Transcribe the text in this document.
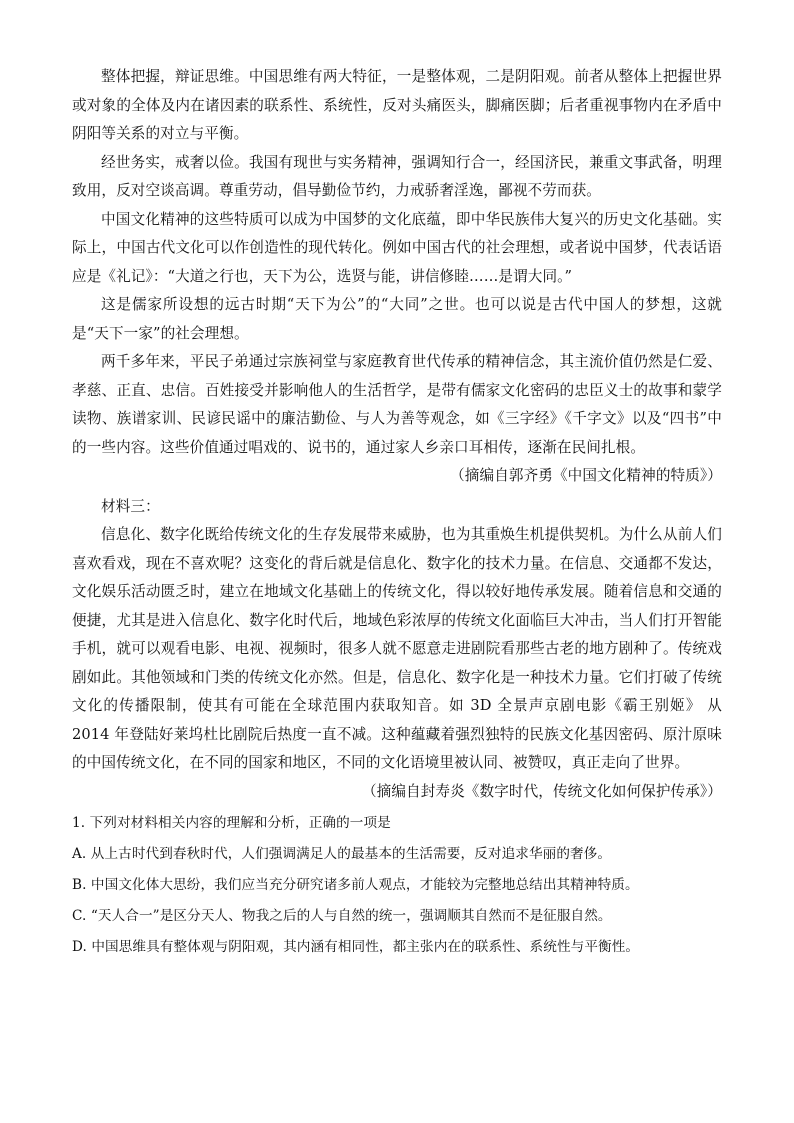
整体把握，辩证思维。中国思维有两大特征，一是整体观，二是阴阳观。前者从整体上把握世界或对象的全体及内在诸因素的联系性、系统性，反对头痛医头，脚痛医脚；后者重视事物内在矛盾中阴阳等关系的对立与平衡。

经世务实，戒奢以俭。我国有现世与实务精神，强调知行合一，经国济民，兼重文事武备，明理致用，反对空谈高调。尊重劳动，倡导勤俭节约，力戒骄奢淫逸，鄙视不劳而获。

中国文化精神的这些特质可以成为中国梦的文化底蕴，即中华民族伟大复兴的历史文化基础。实际上，中国古代文化可以作创造性的现代转化。例如中国古代的社会理想，或者说中国梦，代表话语应是《礼记》：“大道之行也，天下为公，选贤与能，讲信修睦……是谓大同。”

这是儒家所设想的远古时期“天下为公”的“大同”之世。也可以说是古代中国人的梦想，这就是“天下一家”的社会理想。

两千多年来，平民子弟通过宗族祠堂与家庭教育世代传承的精神信念，其主流价值仍然是仁爱、孝慈、正直、忠信。百姓接受并影响他人的生活哲学，是带有儒家文化密码的忠臣义士的故事和蒙学读物、族谱家训、民谚民谣中的廉洁勤俭、与人为善等观念，如《三字经》《千字文》以及“四书”中的一些内容。这些价值通过唱戏的、说书的，通过家人乡亲口耳相传，逐渐在民间扎根。

（摘编自郭齐勇《中国文化精神的特质》）

材料三：

信息化、数字化既给传统文化的生存发展带来威胁，也为其重焕生机提供契机。为什么从前人们喜欢看戏，现在不喜欢呢？这变化的背后就是信息化、数字化的技术力量。在信息、交通都不发达，文化娱乐活动匮乏时，建立在地域文化基础上的传统文化，得以较好地传承发展。随着信息和交通的便捷，尤其是进入信息化、数字化时代后，地域色彩浓厚的传统文化面临巨大冲击，当人们打开智能手机，就可以观看电影、电视、视频时，很多人就不愿意走进剧院看那些古老的地方剧种了。传统戏剧如此。其他领域和门类的传统文化亦然。但是，信息化、数字化是一种技术力量。它们打破了传统文化的传播限制，使其有可能在全球范围内获取知音。如 3D 全景声京剧电影《霸王别姬》 从 2014 年登陆好莱坞杜比剧院后热度一直不减。这种蕴藏着强烈独特的民族文化基因密码、原汁原味的中国传统文化，在不同的国家和地区，不同的文化语境里被认同、被赞叹，真正走向了世界。

（摘编自封寿炎《数字时代，传统文化如何保护传承》）

1. 下列对材料相关内容的理解和分析，正确的一项是

A. 从上古时代到春秋时代，人们强调满足人的最基本的生活需要，反对追求华丽的奢侈。

B. 中国文化体大思纷，我们应当充分研究诸多前人观点，才能较为完整地总结出其精神特质。

C. “天人合一”是区分天人、物我之后的人与自然的统一，强调顺其自然而不是征服自然。

D. 中国思维具有整体观与阴阳观，其内涵有相同性，都主张内在的联系性、系统性与平衡性。
